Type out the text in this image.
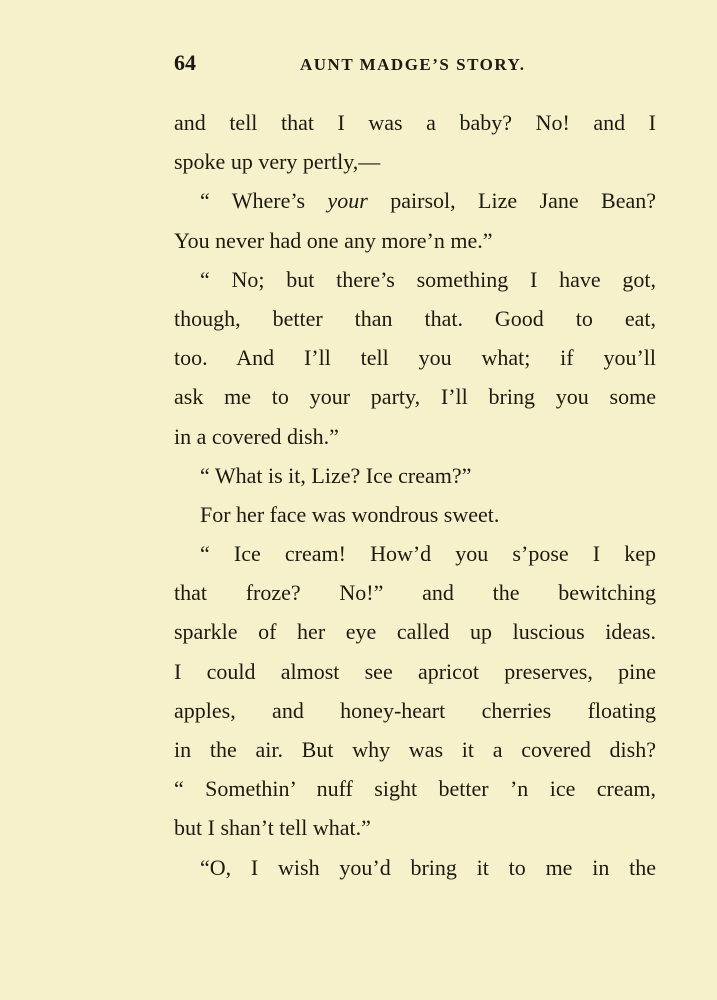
64	AUNT MADGE’S STORY.
and tell that I was a baby? No! and I
spoke up very pertly,—
“ Where’s your pairsol, Lize Jane Bean?
You never had one any more’n me.”
“ No; but there’s something I have got,
though, better than that. Good to eat,
too. And I’ll tell you what; if you’ll
ask me to your party, I’ll bring you some
in a covered dish.”
“ What is it, Lize? Ice cream?”
For her face was wondrous sweet.
“ Ice cream! How’d you s’pose I kep
that froze? No!” and the bewitching
sparkle of her eye called up luscious ideas.
I could almost see apricot preserves, pine
apples, and honey-heart cherries floating
in the air. But why was it a covered dish?
“ Somethin’ nuff sight better ’n ice cream,
but I shan’t tell what.”
“O, I wish you’d bring it to me in the
